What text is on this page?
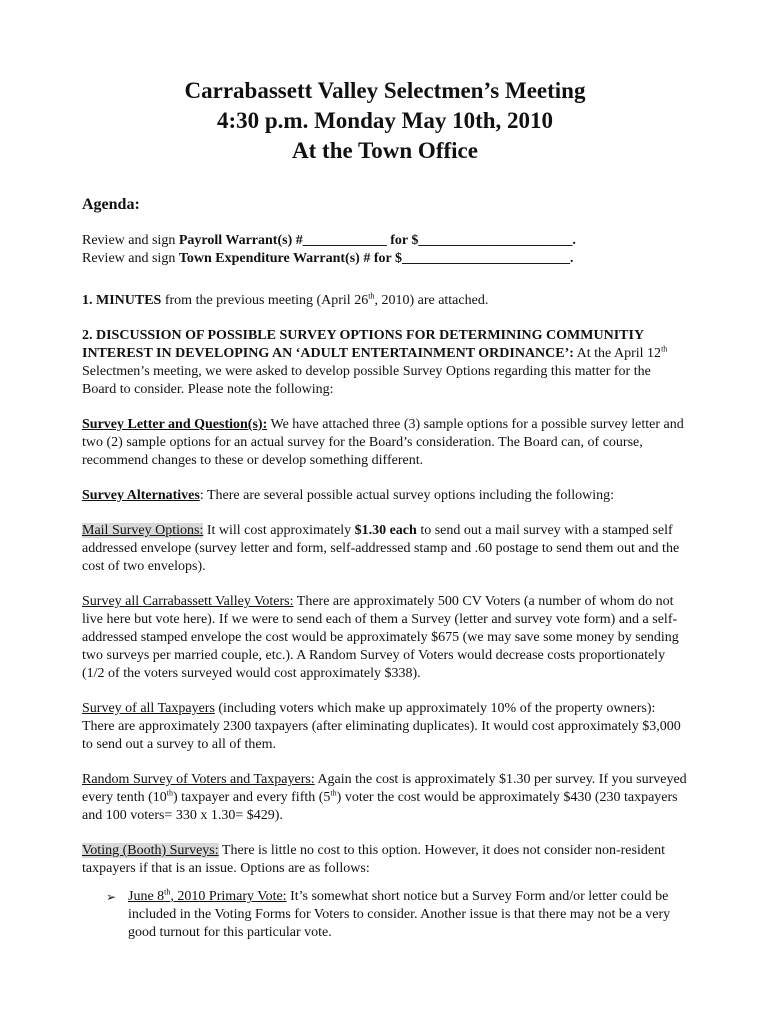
Carrabassett Valley Selectmen’s Meeting

4:30 p.m. Monday May 10th, 2010

At the Town Office

Agenda:

Review and sign Payroll Warrant(s) #____________ for $______________________.

Review and sign Town Expenditure Warrant(s) # for $________________________.

1. MINUTES from the previous meeting (April 26th, 2010) are attached.

2. DISCUSSION OF POSSIBLE SURVEY OPTIONS FOR DETERMINING COMMUNITIY INTEREST IN DEVELOPING AN ‘ADULT ENTERTAINMENT ORDINANCE’: At the April 12th Selectmen’s meeting, we were asked to develop possible Survey Options regarding this matter for the Board to consider. Please note the following:

Survey Letter and Question(s): We have attached three (3) sample options for a possible survey letter and two (2) sample options for an actual survey for the Board’s consideration. The Board can, of course, recommend changes to these or develop something different.

Survey Alternatives: There are several possible actual survey options including the following:

Mail Survey Options: It will cost approximately $1.30 each to send out a mail survey with a stamped self addressed envelope (survey letter and form, self-addressed stamp and .60 postage to send them out and the cost of two envelops).

Survey all Carrabassett Valley Voters: There are approximately 500 CV Voters (a number of whom do not live here but vote here). If we were to send each of them a Survey (letter and survey vote form) and a self-addressed stamped envelope the cost would be approximately $675 (we may save some money by sending two surveys per married couple, etc.). A Random Survey of Voters would decrease costs proportionately (1/2 of the voters surveyed would cost approximately $338).

Survey of all Taxpayers (including voters which make up approximately 10% of the property owners): There are approximately 2300 taxpayers (after eliminating duplicates). It would cost approximately $3,000 to send out a survey to all of them.

Random Survey of Voters and Taxpayers: Again the cost is approximately $1.30 per survey. If you surveyed every tenth (10th) taxpayer and every fifth (5th) voter the cost would be approximately $430 (230 taxpayers and 100 voters= 330 x 1.30= $429).

Voting (Booth) Surveys: There is little no cost to this option. However, it does not consider non-resident taxpayers if that is an issue. Options are as follows:

➢ June 8th, 2010 Primary Vote: It’s somewhat short notice but a Survey Form and/or letter could be included in the Voting Forms for Voters to consider. Another issue is that there may not be a very good turnout for this particular vote.
